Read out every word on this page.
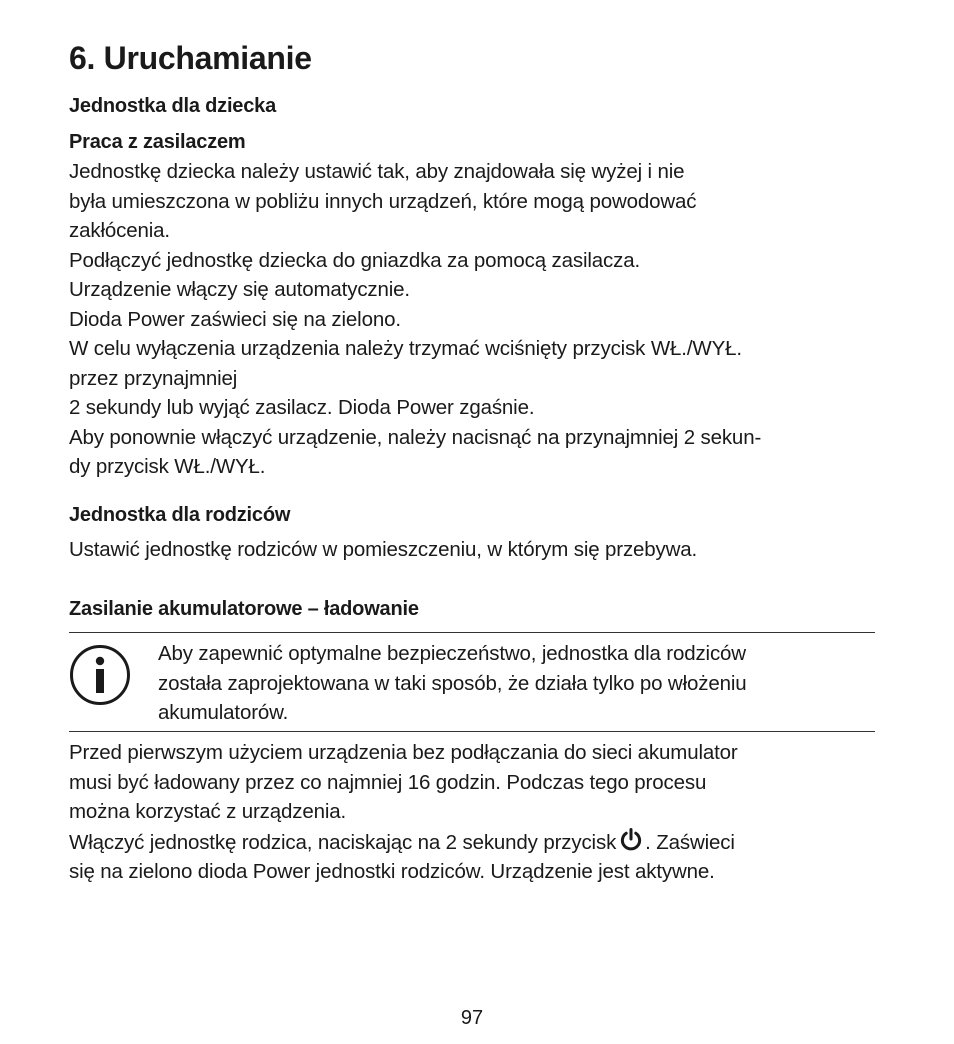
6. Uruchamianie
Jednostka dla dziecka
Praca z zasilaczem
Jednostkę dziecka należy ustawić tak, aby znajdowała się wyżej i nie
była umieszczona w pobliżu innych urządzeń, które mogą powodować
zakłócenia.
Podłączyć jednostkę dziecka do gniazdka za pomocą zasilacza.
Urządzenie włączy się automatycznie.
Dioda Power zaświeci się na zielono.
W celu wyłączenia urządzenia należy trzymać wciśnięty przycisk WŁ./WYŁ.
przez przynajmniej
2 sekundy lub wyjąć zasilacz. Dioda Power zgaśnie.
Aby ponownie włączyć urządzenie, należy nacisnąć na przynajmniej 2 sekun-
dy przycisk WŁ./WYŁ.
Jednostka dla rodziców
Ustawić jednostkę rodziców w pomieszczeniu, w którym się przebywa.
Zasilanie akumulatorowe – ładowanie
Aby zapewnić optymalne bezpieczeństwo, jednostka dla rodziców
została zaprojektowana w taki sposób, że działa tylko po włożeniu
akumulatorów.
Przed pierwszym użyciem urządzenia bez podłączania do sieci akumulator
musi być ładowany przez co najmniej 16 godzin. Podczas tego procesu
można korzystać z urządzenia.
Włączyć jednostkę rodzica, naciskając na 2 sekundy przycisk . Zaświeci
się na zielono dioda Power jednostki rodziców. Urządzenie jest aktywne.
97
